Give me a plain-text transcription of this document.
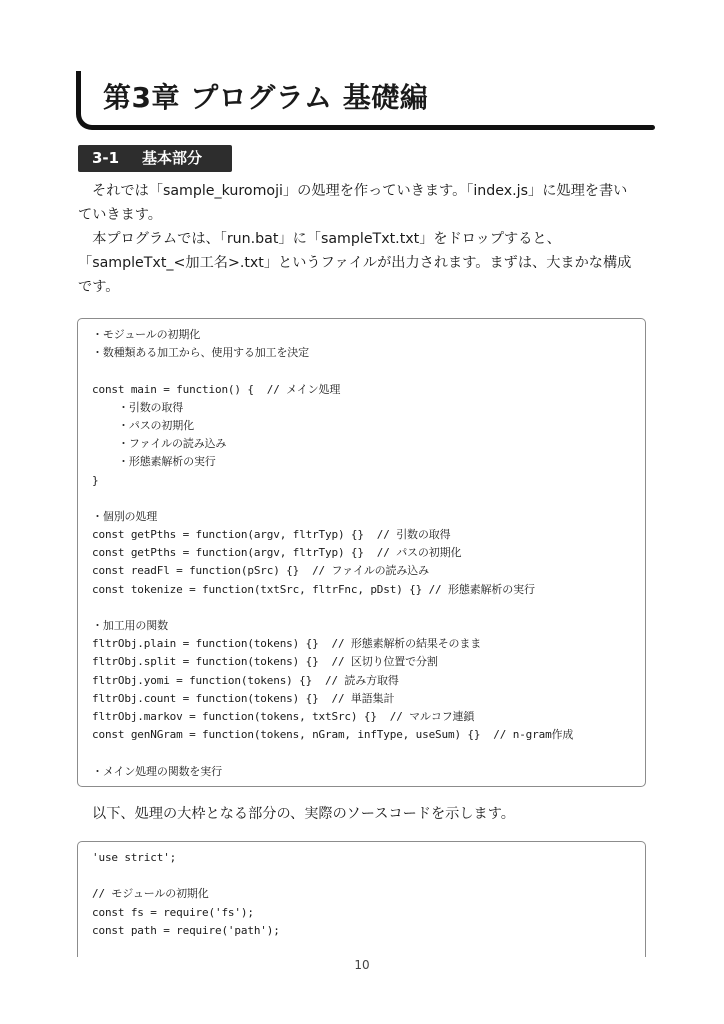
第3章 プログラム 基礎編
3-1 基本部分

それでは「sample_kuromoji」の処理を作っていきます。「index.js」に処理を書い

ていきます。

　本プログラムでは、「run.bat」に「sampleTxt.txt」をドロップすると、

「sampleTxt_<加工名>.txt」というファイルが出力されます。まずは、大まかな構成

です。

・モジュールの初期化
・数種類ある加工から、使用する加工を決定
const main = function() {  // メイン処理
・引数の取得
・パスの初期化
・ファイルの読み込み
・形態素解析の実行
}
・個別の処理
const getPths = function(argv, fltrTyp) {}  // 引数の取得
const getPths = function(argv, fltrTyp) {}  // パスの初期化
const readFl = function(pSrc) {}  // ファイルの読み込み
const tokenize = function(txtSrc, fltrFnc, pDst) {} // 形態素解析の実行
・加工用の関数
fltrObj.plain = function(tokens) {}  // 形態素解析の結果そのまま
fltrObj.split = function(tokens) {}  // 区切り位置で分割
fltrObj.yomi = function(tokens) {}  // 読み方取得
fltrObj.count = function(tokens) {}  // 単語集計
fltrObj.markov = function(tokens, txtSrc) {}  // マルコフ連鎖
const genNGram = function(tokens, nGram, infType, useSum) {}  // n-gram作成
・メイン処理の関数を実行

以下、処理の大枠となる部分の、実際のソースコードを示します。

'use strict';
// モジュールの初期化
const fs = require('fs');
const path = require('path');
10
